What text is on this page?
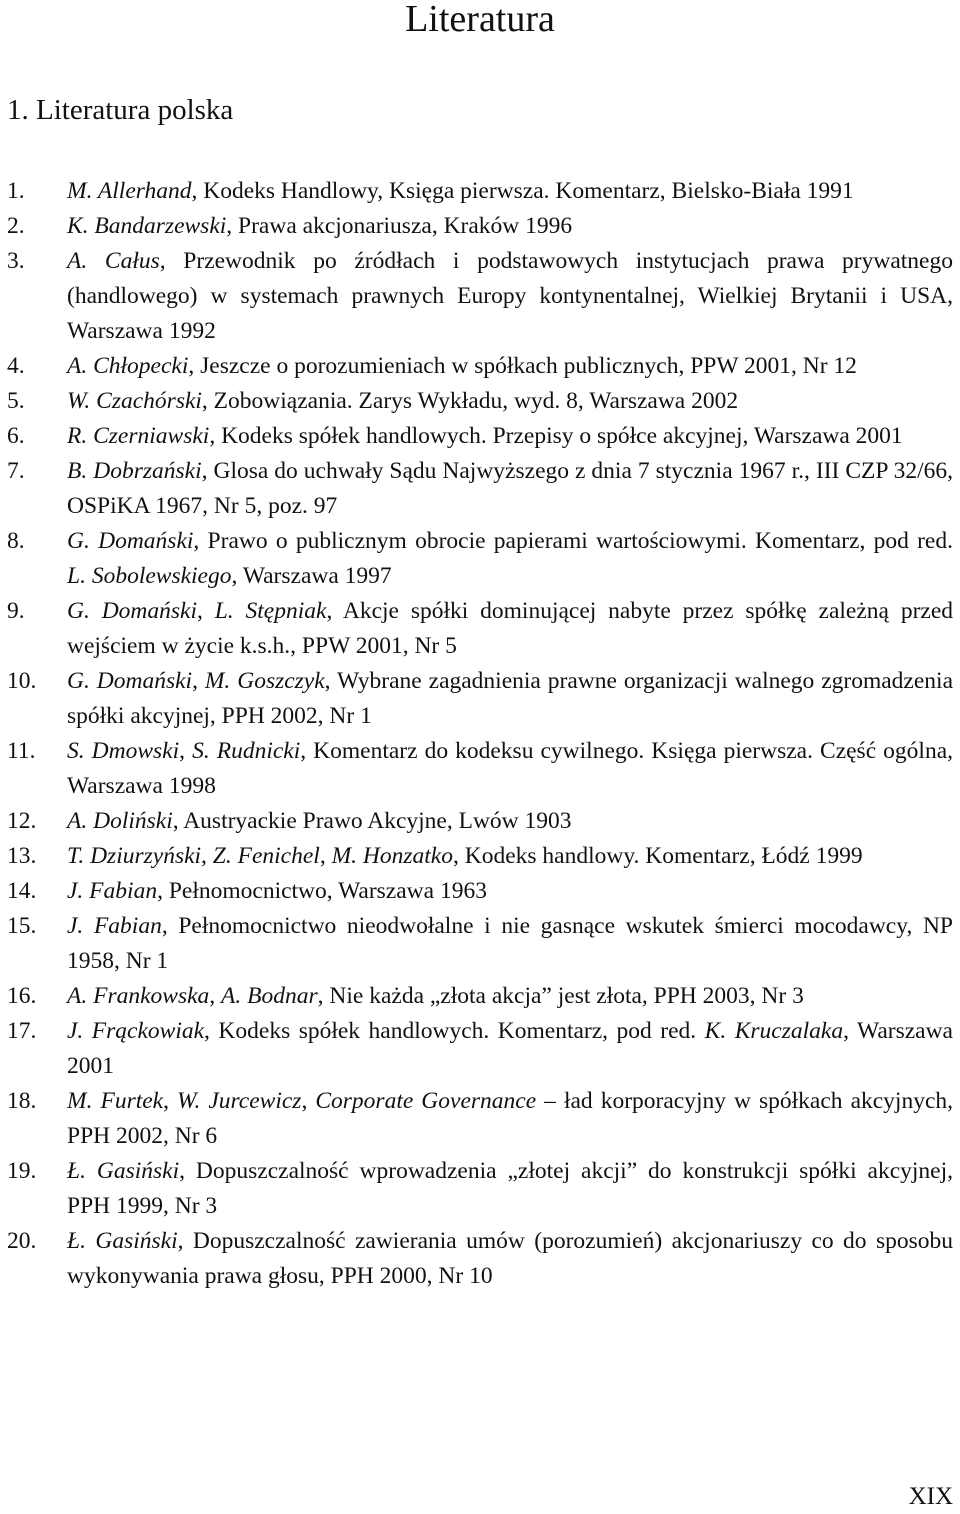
Literatura
1. Literatura polska
1.	M. Allerhand, Kodeks Handlowy, Księga pierwsza. Komentarz, Bielsko-Biała 1991
2.	K. Bandarzewski, Prawa akcjonariusza, Kraków 1996
3.	A. Całus, Przewodnik po źródłach i podstawowych instytucjach prawa prywatnego (handlowego) w systemach prawnych Europy kontynentalnej, Wielkiej Brytanii i USA, Warszawa 1992
4.	A. Chłopecki, Jeszcze o porozumieniach w spółkach publicznych, PPW 2001, Nr 12
5.	W. Czachórski, Zobowiązania. Zarys Wykładu, wyd. 8, Warszawa 2002
6.	R. Czerniawski, Kodeks spółek handlowych. Przepisy o spółce akcyjnej, Warszawa 2001
7.	B. Dobrzański, Glosa do uchwały Sądu Najwyższego z dnia 7 stycznia 1967 r., III CZP 32/66, OSPiKA 1967, Nr 5, poz. 97
8.	G. Domański, Prawo o publicznym obrocie papierami wartościowymi. Komentarz, pod red. L. Sobolewskiego, Warszawa 1997
9.	G. Domański, L. Stępniak, Akcje spółki dominującej nabyte przez spółkę zależną przed wejściem w życie k.s.h., PPW 2001, Nr 5
10.	G. Domański, M. Goszczyk, Wybrane zagadnienia prawne organizacji walnego zgromadzenia spółki akcyjnej, PPH 2002, Nr 1
11.	S. Dmowski, S. Rudnicki, Komentarz do kodeksu cywilnego. Księga pierwsza. Część ogólna, Warszawa 1998
12.	A. Doliński, Austryackie Prawo Akcyjne, Lwów 1903
13.	T. Dziurzyński, Z. Fenichel, M. Honzatko, Kodeks handlowy. Komentarz, Łódź 1999
14.	J. Fabian, Pełnomocnictwo, Warszawa 1963
15.	J. Fabian, Pełnomocnictwo nieodwołalne i nie gasnące wskutek śmierci mocodawcy, NP 1958, Nr 1
16.	A. Frankowska, A. Bodnar, Nie każda „złota akcja” jest złota, PPH 2003, Nr 3
17.	J. Frąckowiak, Kodeks spółek handlowych. Komentarz, pod red. K. Kruczalaka, Warszawa 2001
18.	M. Furtek, W. Jurcewicz, Corporate Governance – ład korporacyjny w spółkach akcyjnych, PPH 2002, Nr 6
19.	Ł. Gasiński, Dopuszczalność wprowadzenia „złotej akcji” do konstrukcji spółki akcyjnej, PPH 1999, Nr 3
20.	Ł. Gasiński, Dopuszczalność zawierania umów (porozumień) akcjonariuszy co do sposobu wykonywania prawa głosu, PPH 2000, Nr 10
XIX
